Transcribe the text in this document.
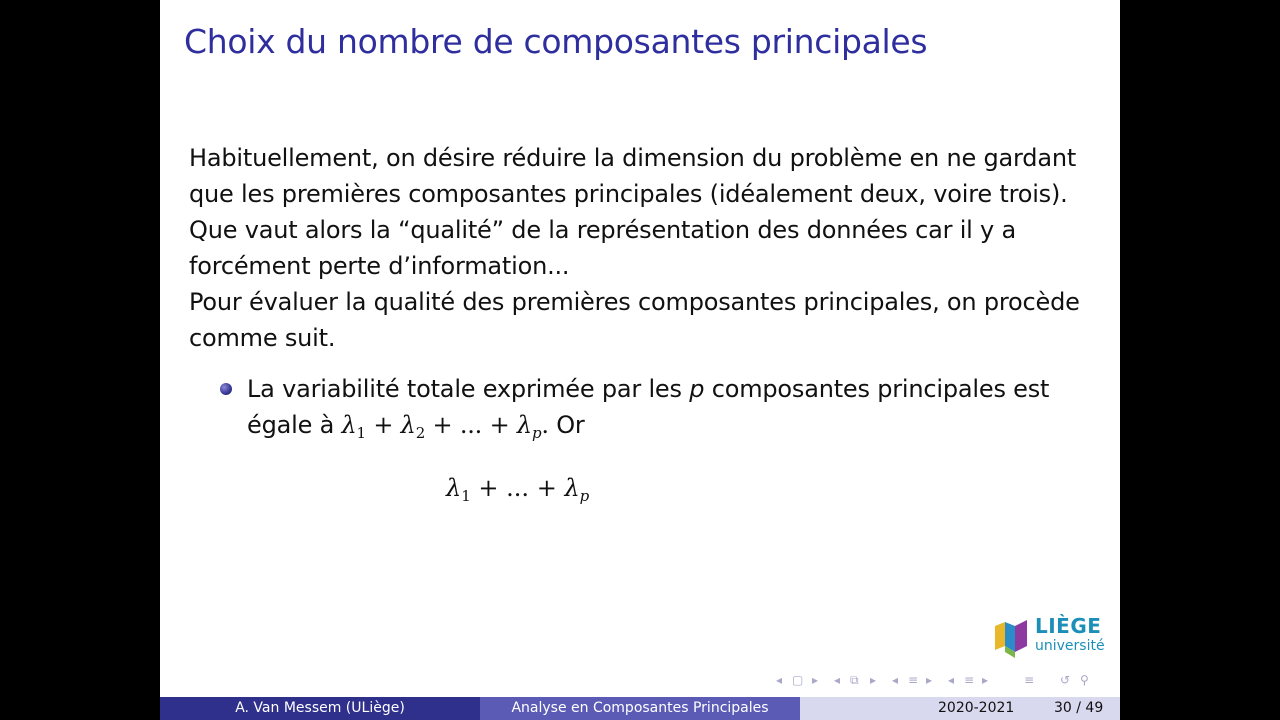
Choix du nombre de composantes principales
Habituellement, on désire réduire la dimension du problème en ne gardant
que les premières composantes principales (idéalement deux, voire trois).
Que vaut alors la “qualité” de la représentation des données car il y a
forcément perte d’information...
Pour évaluer la qualité des premières composantes principales, on procède
comme suit.
La variabilité totale exprimée par les p composantes principales est
égale à $\lambda_1 + \lambda_2$ + ... + $\lambda_p$. Or
$\lambda_1$ + ... + $\lambda_p$
LIÈGE
université
◂ ▢ ▸ ◂ ⧉ ▸ ◂ ≡ ▸ ◂ ≡ ▸	≡ ↺ ⚲
A. Van Messem (ULiège)	Analyse en Composantes Principales	2020-2021	30 / 49
